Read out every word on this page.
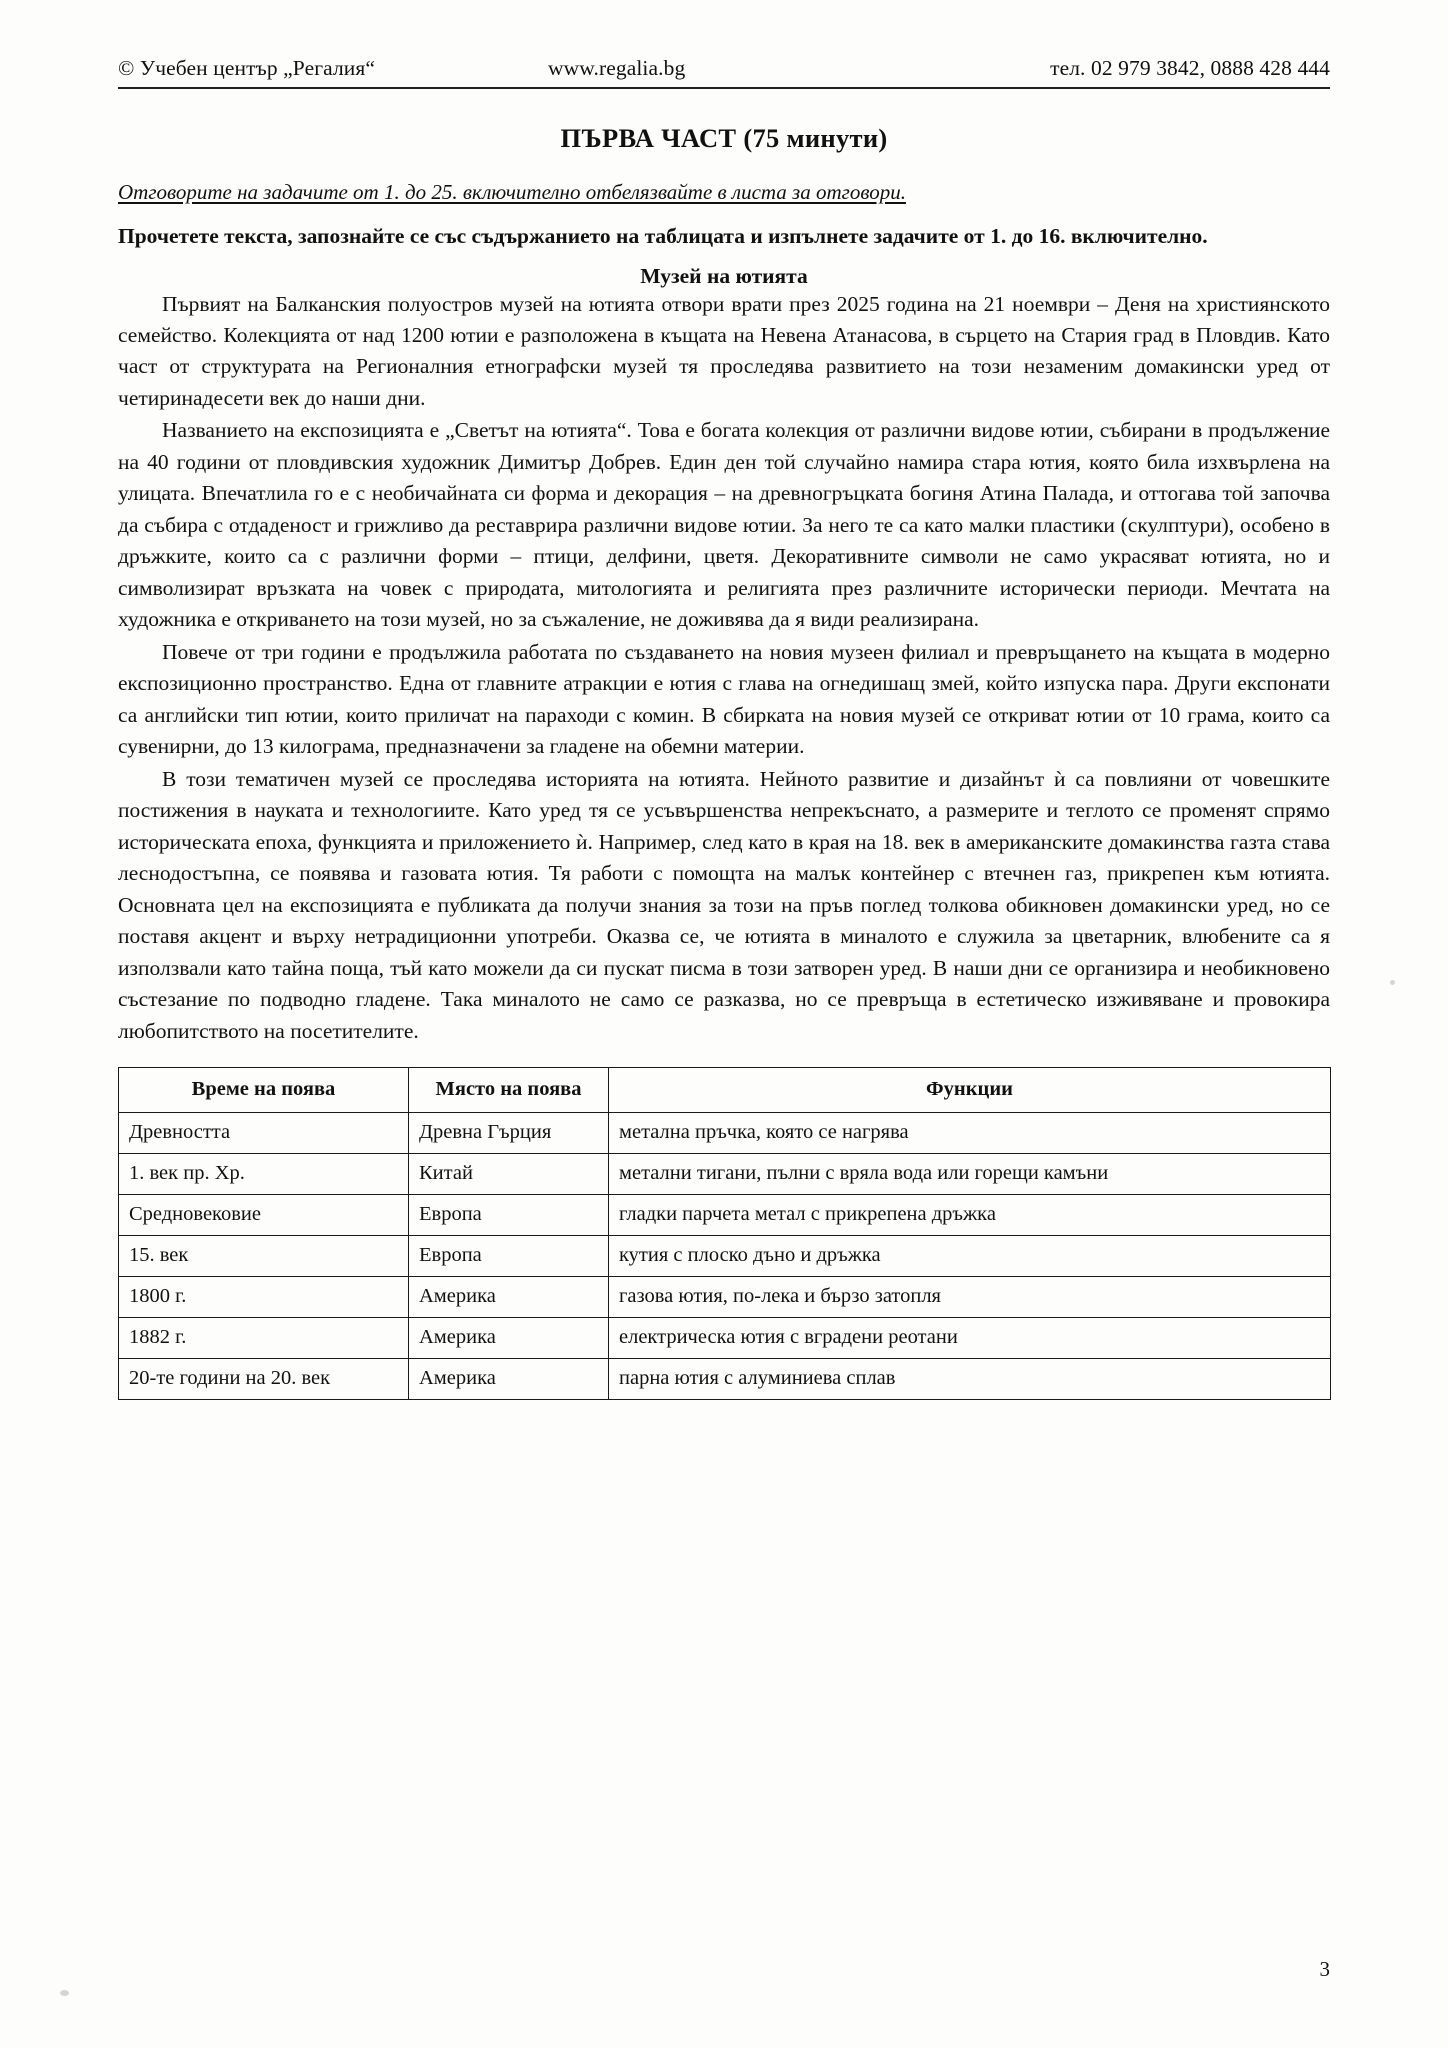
© Учебен център „Регалия“	www.regalia.bg	тел. 02 979 3842, 0888 428 444
ПЪРВА ЧАСТ (75 минути)
Отговорите на задачите от 1. до 25. включително отбелязвайте в листа за отговори.
Прочетете текста, запознайте се със съдържанието на таблицата и изпълнете задачите от 1. до 16. включително.
Музей на ютията

Първият на Балканския полуостров музей на ютията отвори врати през 2025 година на 21 ноември – Деня на християнското семейство. Колекцията от над 1200 ютии е разположена в къщата на Невена Атанасова, в сърцето на Стария град в Пловдив. Като част от структурата на Регионалния етнографски музей тя проследява развитието на този незаменим домакински уред от четиринадесети век до наши дни.

Названието на експозицията е „Светът на ютиятa“. Това е богата колекция от различни видове ютии, събирани в продължение на 40 години от пловдивския художник Димитър Добрев. Един ден той случайно намира стара ютия, която била изхвърлена на улицата. Впечатлила го е с необичайната си форма и декорация – на древногръцката богиня Атина Палада, и оттогава той започва да събира с отдаденост и грижливо да реставрира различни видове ютии. За него те са като малки пластики (скулптури), особено в дръжките, които са с различни форми – птици, делфини, цветя. Декоративните символи не само украсяват ютиятa, но и символизират връзката на човек с природата, митологията и религията през различните исторически периоди. Мечтата на художника е откриването на този музей, но за съжаление, не доживява да я види реализирана.

Повече от три години е продължила работата по създаването на новия музеен филиал и превръщането на къщата в модерно експозиционно пространство. Една от главните атракции е ютия с глава на огнедишащ змей, който изпуска пара. Други експонати са английски тип ютии, които приличат на параходи с комин. В сбирката на новия музей се откриват ютии от 10 грама, които са сувенирни, до 13 килограма, предназначени за гладене на обемни материи.

В този тематичен музей се проследява историята на ютиятa. Нейното развитие и дизайнът ѝ са повлияни от човешките постижения в науката и технологиите. Като уред тя се усъвършенства непрекъснато, а размерите и теглото се променят спрямо историческата епоха, функцията и приложението ѝ. Например, след като в края на 18. век в американските домакинства газта става леснодостъпна, се появява и газовата ютия. Тя работи с помощта на малък контейнер с втечнен газ, прикрепен към ютиятa. Основната цел на експозицията е публиката да получи знания за този на пръв поглед толкова обикновен домакински уред, но се поставя акцент и върху нетрадиционни употреби. Оказва се, че ютиятa в миналото е служила за цветарник, влюбените са я използвали като тайна поща, тъй като можели да си пускат писма в този затворен уред. В наши дни се организира и необикновено състезание по подводно гладене. Така миналото не само се разказва, но се превръща в естетическо изживяване и провокира любопитството на посетителите.

Време на поява	Място на поява	Функции
Древността	Древна Гърция	метална пръчка, която се нагрява
1. век пр. Хр.	Китай	метални тигани, пълни с вряла вода или горещи камъни
Средновековие	Европа	гладки парчета метал с прикрепена дръжка
15. век	Европа	кутия с плоско дъно и дръжка
1800 г.	Америка	газова ютия, по-лека и бързо затопля
1882 г.	Америка	електрическа ютия с вградени реотани
20-те години на 20. век	Америка	парна ютия с алуминиева сплав
3
